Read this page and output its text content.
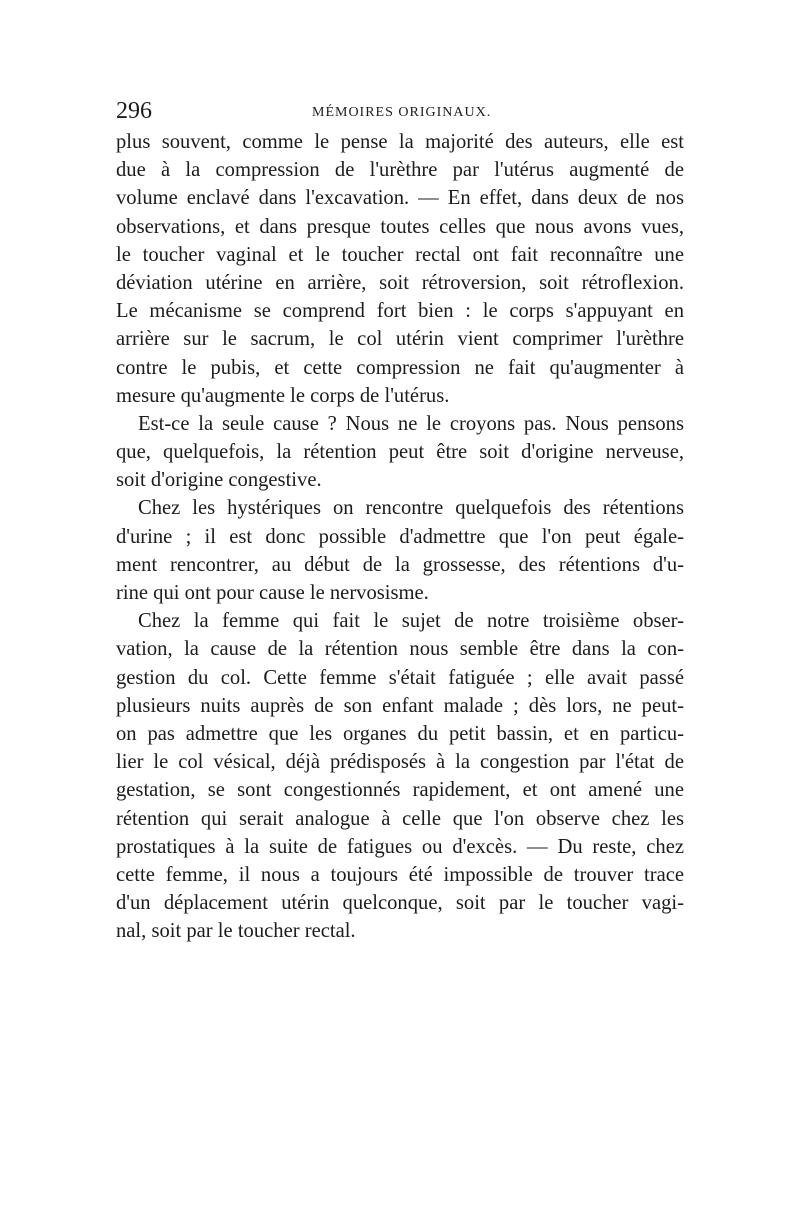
296	MÉMOIRES ORIGINAUX.
plus souvent, comme le pense la majorité des auteurs, elle est
due à la compression de l'urèthre par l'utérus augmenté de
volume enclavé dans l'excavation. — En effet, dans deux de nos
observations, et dans presque toutes celles que nous avons vues,
le toucher vaginal et le toucher rectal ont fait reconnaître une
déviation utérine en arrière, soit rétroversion, soit rétroflexion.
Le mécanisme se comprend fort bien : le corps s'appuyant en
arrière sur le sacrum, le col utérin vient comprimer l'urèthre
contre le pubis, et cette compression ne fait qu'augmenter à
mesure qu'augmente le corps de l'utérus.
Est-ce la seule cause ? Nous ne le croyons pas. Nous pensons
que, quelquefois, la rétention peut être soit d'origine nerveuse,
soit d'origine congestive.
Chez les hystériques on rencontre quelquefois des rétentions
d'urine ; il est donc possible d'admettre que l'on peut égale-
ment rencontrer, au début de la grossesse, des rétentions d'u-
rine qui ont pour cause le nervosisme.
Chez la femme qui fait le sujet de notre troisième obser-
vation, la cause de la rétention nous semble être dans la con-
gestion du col. Cette femme s'était fatiguée ; elle avait passé
plusieurs nuits auprès de son enfant malade ; dès lors, ne peut-
on pas admettre que les organes du petit bassin, et en particu-
lier le col vésical, déjà prédisposés à la congestion par l'état de
gestation, se sont congestionnés rapidement, et ont amené une
rétention qui serait analogue à celle que l'on observe chez les
prostatiques à la suite de fatigues ou d'excès. — Du reste, chez
cette femme, il nous a toujours été impossible de trouver trace
d'un déplacement utérin quelconque, soit par le toucher vagi-
nal, soit par le toucher rectal.
